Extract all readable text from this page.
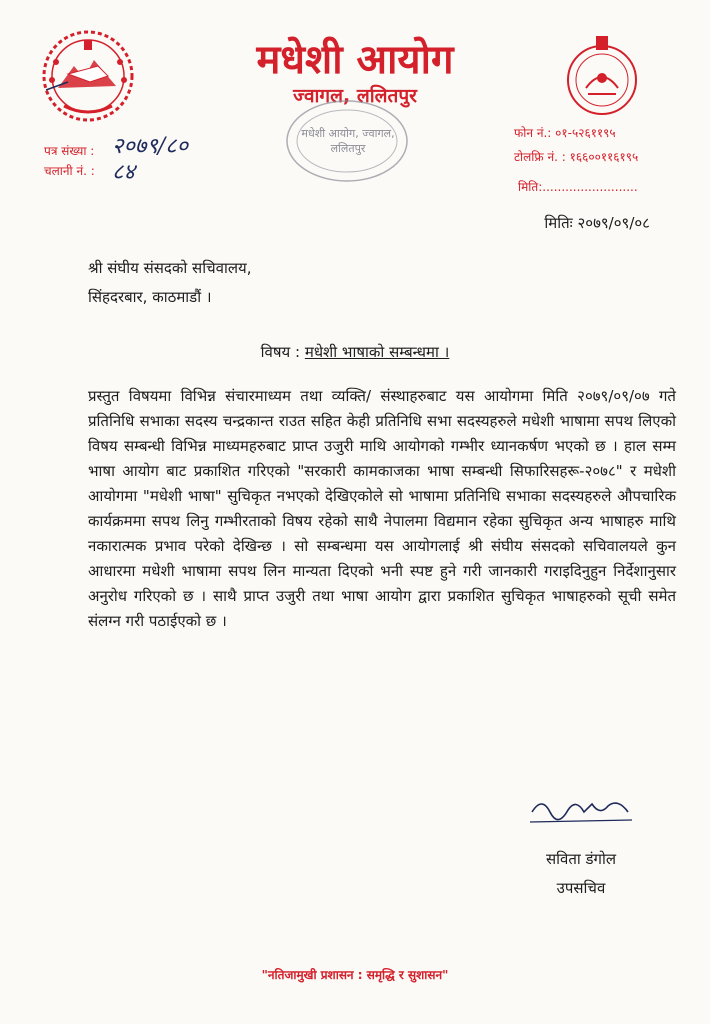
मधेशी आयोग
ज्वागल, ललितपुर
पत्र संख्या : २०७९/८०
चलानी नं. : ८४
मधेशी आयोग, ज्वागल, ललितपुर
फोन नं.: ०१-५२६११९५
टोलफ्रि नं. : १६६००११६१९५
मिति:.........................
मितिः २०७९/०९/०८
श्री संघीय संसदको सचिवालय,
सिंहदरबार, काठमाडौं ।
विषय : मधेशी भाषाको सम्बन्धमा ।
प्रस्तुत विषयमा विभिन्न संचारमाध्यम तथा व्यक्ति/ संस्थाहरुबाट यस आयोगमा मिति २०७९/०९/०७ गते प्रतिनिधि सभाका सदस्य चन्द्रकान्त राउत सहित केही प्रतिनिधि सभा सदस्यहरुले मधेशी भाषामा सपथ लिएको विषय सम्बन्धी विभिन्न माध्यमहरुबाट प्राप्त उजुरी माथि आयोगको गम्भीर ध्यानकर्षण भएको छ । हाल सम्म भाषा आयोग बाट प्रकाशित गरिएको "सरकारी कामकाजका भाषा सम्बन्धी सिफारिसहरू-२०७८" र मधेशी आयोगमा "मधेशी भाषा" सुचिकृत नभएको देखिएकोले सो भाषामा प्रतिनिधि सभाका सदस्यहरुले औपचारिक कार्यक्रममा सपथ लिनु गम्भीरताको विषय रहेको साथै नेपालमा विद्यमान रहेका सुचिकृत अन्य भाषाहरु माथि नकारात्मक प्रभाव परेको देखिन्छ । सो सम्बन्धमा यस आयोगलाई श्री संघीय संसदको सचिवालयले कुन आधारमा मधेशी भाषामा सपथ लिन मान्यता दिएको भनी स्पष्ट हुने गरी जानकारी गराइदिनुहुन निर्देशानुसार अनुरोध गरिएको छ । साथै प्राप्त उजुरी तथा भाषा आयोग द्वारा प्रकाशित सुचिकृत भाषाहरुको सूची समेत संलग्न गरी पठाईएको छ ।
सविता डंगोल
उपसचिव
"नतिजामुखी प्रशासन : समृद्धि र सुशासन"
